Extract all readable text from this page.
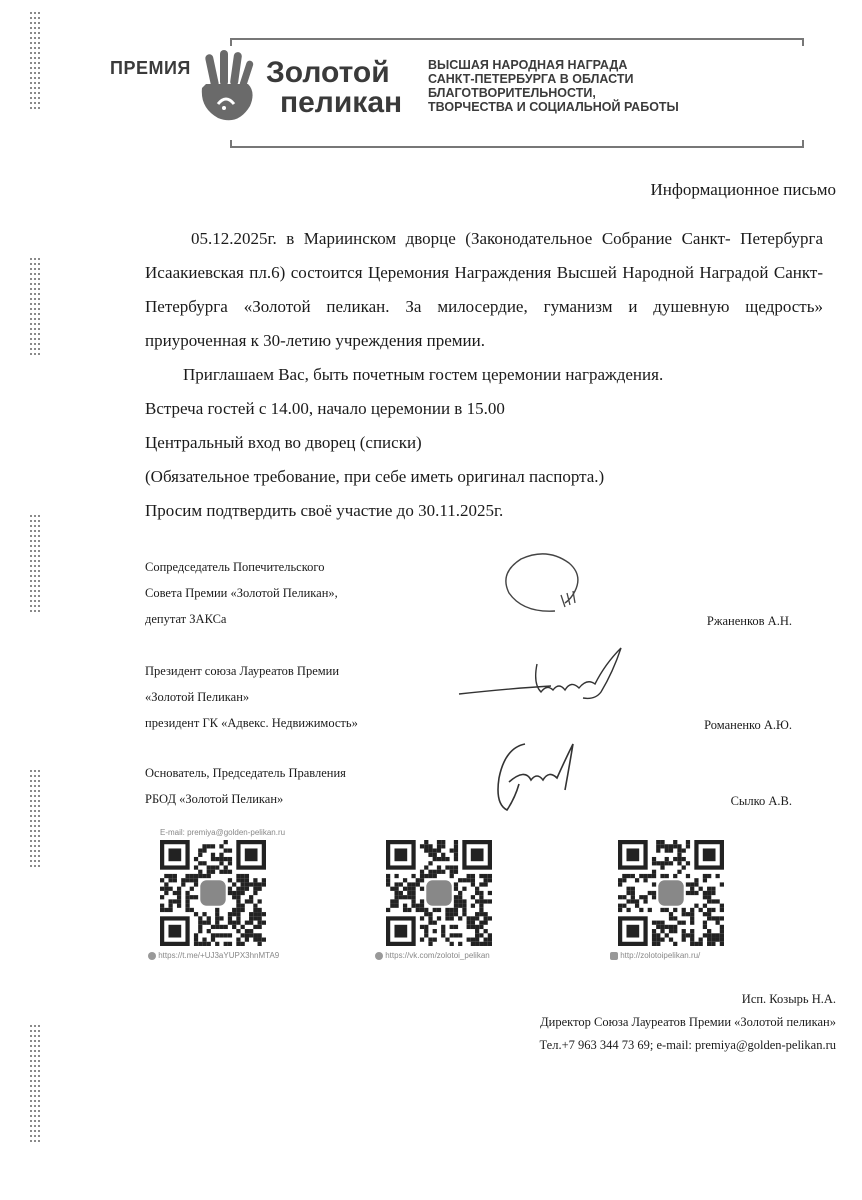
ПРЕМИЯ	Золотой
пеликан
ВЫСШАЯ НАРОДНАЯ НАГРАДА
САНКТ-ПЕТЕРБУРГА В ОБЛАСТИ
БЛАГОТВОРИТЕЛЬНОСТИ,
ТВОРЧЕСТВА И СОЦИАЛЬНОЙ РАБОТЫ
Информационное письмо

05.12.2025г. в Мариинском дворце (Законодательное Собрание Санкт- Петербурга Исаакиевская пл.6) состоится Церемония Награждения Высшей Народной Наградой Санкт-Петербурга «Золотой пеликан. За милосердие, гуманизм и душевную щедрость» приуроченная к 30-летию учреждения премии.

Приглашаем Вас, быть почетным гостем церемонии награждения.

Встреча гостей с 14.00, начало церемонии в 15.00

Центральный вход во дворец (списки)

(Обязательное требование, при себе иметь оригинал паспорта.)

Просим подтвердить своё участие до 30.11.2025г.

Сопредседатель Попечительского
Совета Премии «Золотой Пеликан»,
депутат ЗАКСа	Ржаненков А.Н.
Президент союза Лауреатов Премии
«Золотой Пеликан»
президент ГК «Адвекс. Недвижимость»	Романенко А.Ю.
Основатель, Председатель Правления
РБОД «Золотой Пеликан»	Сылко А.В.
E-mail: premiya@golden-pelikan.ru
https://t.me/+UJ3aYUPX3hnMTA9	https://vk.com/zolotoi_pelikan	http://zolotoipelikan.ru/
Исп. Козырь Н.А.
Директор Союза Лауреатов Премии «Золотой пеликан»
Тел.+7 963 344 73 69; e-mail: premiya@golden-pelikan.ru
